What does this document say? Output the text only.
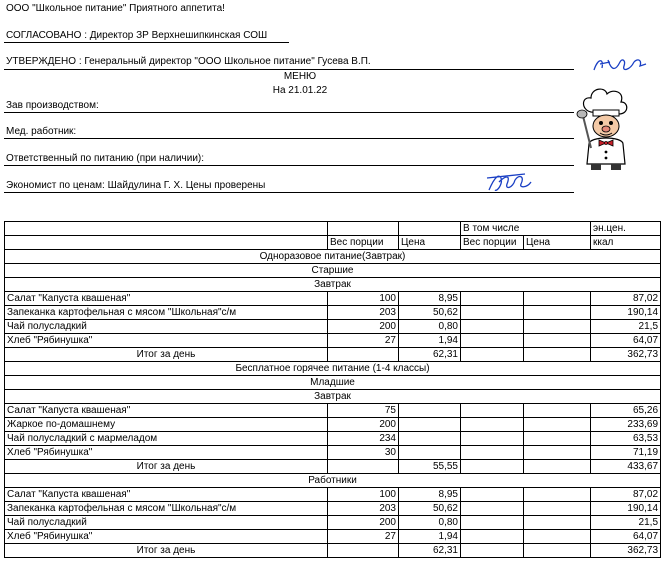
ООО "Школьное питание" Приятного аппетита!
СОГЛАСОВАНО : Директор ЗР Верхнешипкинская СОШ
УТВЕРЖДЕНО : Генеральный директор "ООО Школьное питание" Гусева В.П.
МЕНЮ
На 21.01.22
Зав производством:
Мед. работник:
Ответственный по питанию (при наличии):
Экономист по ценам: Шайдулина Г. Х. Цены проверены
			В том числе		эн.цен.
	Вес порции	Цена	Вес порции	Цена	ккал
Одноразовое питание(Завтрак)					
Старшие					
Завтрак					
Салат "Капуста квашеная"	100	8,95			87,02
Запеканка картофельная с мясом "Школьная"с/м	203	50,62			190,14
Чай полусладкий	200	0,80			21,5
Хлеб "Рябинушка"	27	1,94			64,07
Итог за день		62,31			362,73
Бесплатное горячее питание (1-4 классы)					
Младшие					
Завтрак					
Салат "Капуста квашеная"	75				65,26
Жаркое по-домашнему	200				233,69
Чай полусладкий с мармеладом	234				63,53
Хлеб "Рябинушка"	30				71,19
Итог за день		55,55			433,67
Работники					
Салат "Капуста квашеная"	100	8,95			87,02
Запеканка картофельная с мясом "Школьная"с/м	203	50,62			190,14
Чай полусладкий	200	0,80			21,5
Хлеб "Рябинушка"	27	1,94			64,07
Итог за день		62,31			362,73
